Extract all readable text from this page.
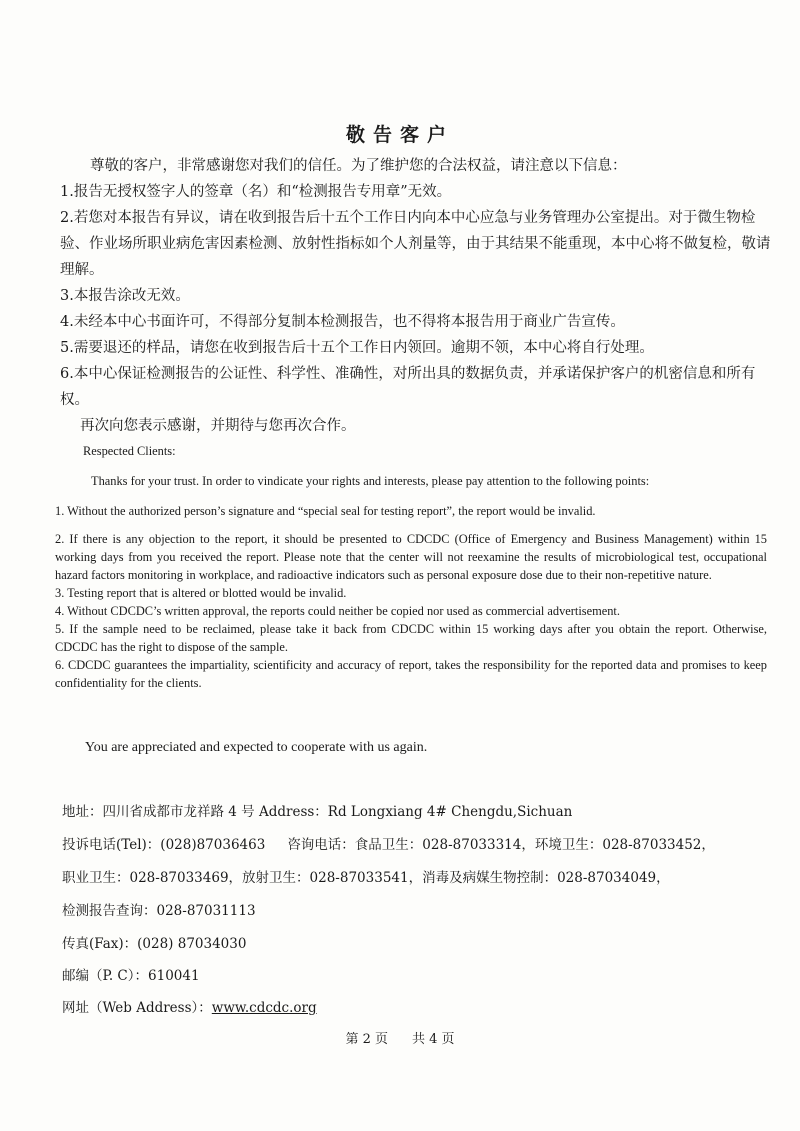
敬告客户

尊敬的客户，非常感谢您对我们的信任。为了维护您的合法权益，请注意以下信息：

1.报告无授权签字人的签章（名）和“检测报告专用章”无效。

2.若您对本报告有异议，请在收到报告后十五个工作日内向本中心应急与业务管理办公室提出。对于微生物检验、作业场所职业病危害因素检测、放射性指标如个人剂量等，由于其结果不能重现，本中心将不做复检，敬请理解。

3.本报告涂改无效。

4.未经本中心书面许可，不得部分复制本检测报告，也不得将本报告用于商业广告宣传。

5.需要退还的样品，请您在收到报告后十五个工作日内领回。逾期不领，本中心将自行处理。

6.本中心保证检测报告的公证性、科学性、准确性，对所出具的数据负责，并承诺保护客户的机密信息和所有权。

再次向您表示感谢，并期待与您再次合作。

Respected Clients:

Thanks for your trust. In order to vindicate your rights and interests, please pay attention to the following points:

1. Without the authorized person’s signature and “special seal for testing report”, the report would be invalid.

2. If there is any objection to the report, it should be presented to CDCDC (Office of Emergency and Business Management) within 15 working days from you received the report. Please note that the center will not reexamine the results of microbiological test, occupational hazard factors monitoring in workplace, and radioactive indicators such as personal exposure dose due to their non-repetitive nature.

3. Testing report that is altered or blotted would be invalid.

4. Without CDCDC’s written approval, the reports could neither be copied nor used as commercial advertisement.

5. If the sample need to be reclaimed, please take it back from CDCDC within 15 working days after you obtain the report. Otherwise, CDCDC has the right to dispose of the sample.

6. CDCDC guarantees the impartiality, scientificity and accuracy of report, takes the responsibility for the reported data and promises to keep confidentiality for the clients.

You are appreciated and expected to cooperate with us again.
地址：四川省成都市龙祥路 4 号 Address：Rd Longxiang 4# Chengdu,Sichuan
投诉电话(Tel)：(028)87036463 咨询电话：食品卫生：028-87033314，环境卫生：028-87033452，
职业卫生：028-87033469，放射卫生：028-87033541，消毒及病媒生物控制：028-87034049，
检测报告查询：028-87031113
传真(Fax)：(028) 87034030
邮编（P. C）：610041
网址（Web Address）：www.cdcdc.org
第 2 页 共 4 页
